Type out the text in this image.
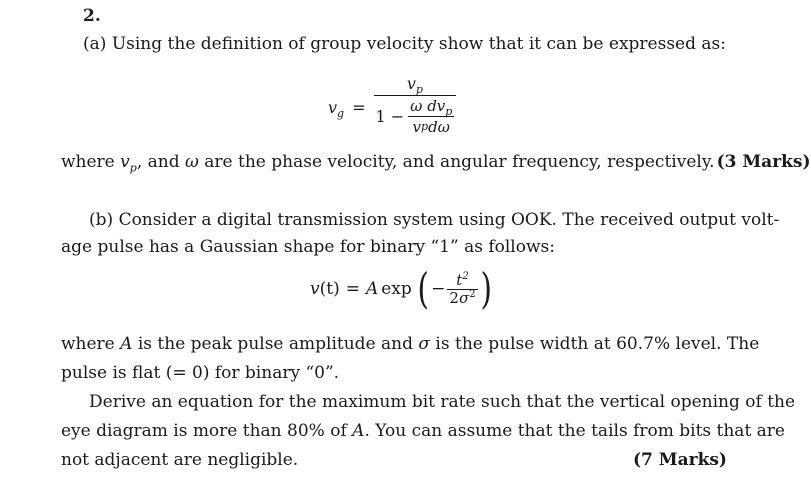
2.
(a) Using the definition of group velocity show that it can be expressed as:
$v_g = \frac{v_p}{1 - \frac{\omega dv_p}{\text{v p dω}}}$
where $v_p$, and ω are the phase velocity, and angular frequency, respectively. (3 Marks)
(b) Consider a digital transmission system using OOK. The received output volt-
age pulse has a Gaussian shape for binary “1” as follows:
v (t) = A exp ( − $\frac{t^2}{2\sigma^2}$ )
where A is the peak pulse amplitude and σ is the pulse width at 60.7% level. The
pulse is flat (= 0) for binary “0”.
Derive an equation for the maximum bit rate such that the vertical opening of the
eye diagram is more than 80% of A. You can assume that the tails from bits that are
not adjacent are negligible.	(7 Marks)
